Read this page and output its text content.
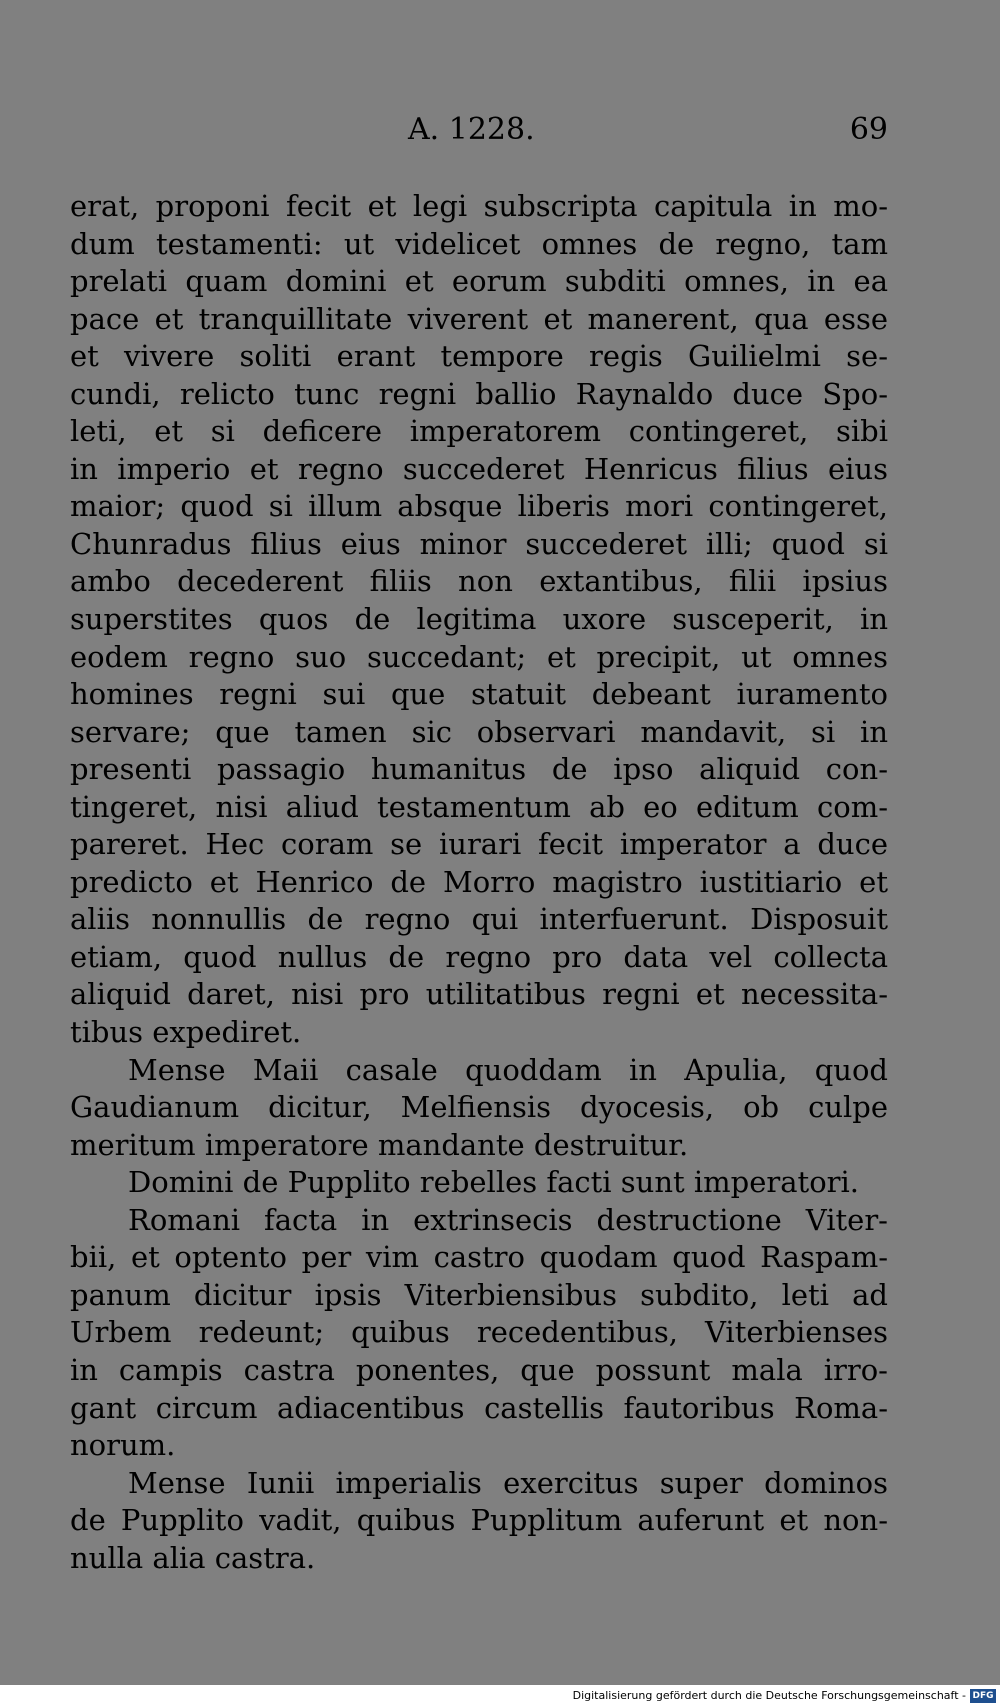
A. 1228.	69
erat, proponi fecit et legi subscripta capitula in mo-
dum testamenti: ut videlicet omnes de regno, tam
prelati quam domini et eorum subditi omnes, in ea
pace et tranquillitate viverent et manerent, qua esse
et vivere soliti erant tempore regis Guilielmi se-
cundi, relicto tunc regni ballio Raynaldo duce Spo-
leti, et si deficere imperatorem contingeret, sibi
in imperio et regno succederet Henricus filius eius
maior; quod si illum absque liberis mori contingeret,
Chunradus filius eius minor succederet illi; quod si
ambo decederent filiis non extantibus, filii ipsius
superstites quos de legitima uxore susceperit, in
eodem regno suo succedant; et precipit, ut omnes
homines regni sui que statuit debeant iuramento
servare; que tamen sic observari mandavit, si in
presenti passagio humanitus de ipso aliquid con-
tingeret, nisi aliud testamentum ab eo editum com-
pareret. Hec coram se iurari fecit imperator a duce
predicto et Henrico de Morro magistro iustitiario et
aliis nonnullis de regno qui interfuerunt. Disposuit
etiam, quod nullus de regno pro data vel collecta
aliquid daret, nisi pro utilitatibus regni et necessita-
tibus expediret.
Mense Maii casale quoddam in Apulia, quod
Gaudianum dicitur, Melfiensis dyocesis, ob culpe
meritum imperatore mandante destruitur.
Domini de Pupplito rebelles facti sunt imperatori.
Romani facta in extrinsecis destructione Viter-
bii, et optento per vim castro quodam quod Raspam-
panum dicitur ipsis Viterbiensibus subdito, leti ad
Urbem redeunt; quibus recedentibus, Viterbienses
in campis castra ponentes, que possunt mala irro-
gant circum adiacentibus castellis fautoribus Roma-
norum.
Mense Iunii imperialis exercitus super dominos
de Pupplito vadit, quibus Pupplitum auferunt et non-
nulla alia castra.
Digitalisierung gefördert durch die Deutsche Forschungsgemeinschaft - DFG
